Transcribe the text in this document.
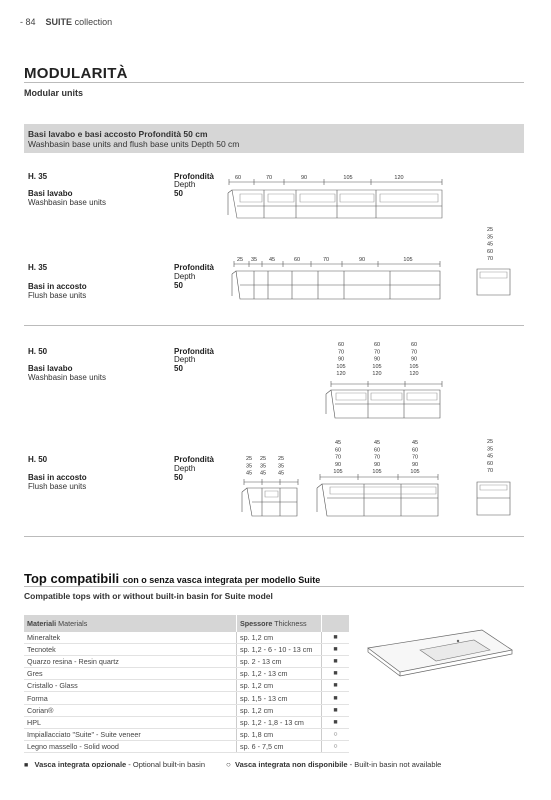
- 84 SUITE collection
MODULARITÀ
Modular units
Basi lavabo e basi accosto Profondità 50 cm
Washbasin base units and flush base units Depth 50 cm
H. 35
Basi lavabo
Washbasin base units
Profondità
Depth
50
H. 35
Basi in accosto
Flush base units
Profondità
Depth
50
H. 50
Basi lavabo
Washbasin base units
Profondità
Depth
50
H. 50
Basi in accosto
Flush base units
Profondità
Depth
50
60	70	90	105	120
25 35 45	60	70	90	105
25
35
45
60
70
60
70
90
105
120
60
70
90
105
120
60
70
90
105
120
25
35
45
25
35
45
25
35
45
45
60
70
90
105
45
60
70
90
105
45
60
70
90
105
25
35
45
60
70
Top compatibili con o senza vasca integrata per modello Suite
Compatible tops with or without built-in basin for Suite model
Materiali Materials	Spessore Thickness	
Mineraltek	sp. 1,2 cm	■
Tecnotek	sp. 1,2 - 6 - 10 - 13 cm	■
Quarzo resina - Resin quartz	sp. 2 - 13 cm	■
Gres	sp. 1,2 - 13 cm	■
Cristallo - Glass	sp. 1,2 cm	■
Forma	sp. 1,5 - 13 cm	■
Corian®	sp. 1,2 cm	■
HPL	sp. 1,2 - 1,8 - 13 cm	■
Impiallacciato "Suite" - Suite veneer	sp. 1,8 cm	○
Legno massello - Solid wood	sp. 6 - 7,5 cm	○
■ Vasca integrata opzionale - Optional built-in basin	○ Vasca integrata non disponibile - Built-in basin not available
